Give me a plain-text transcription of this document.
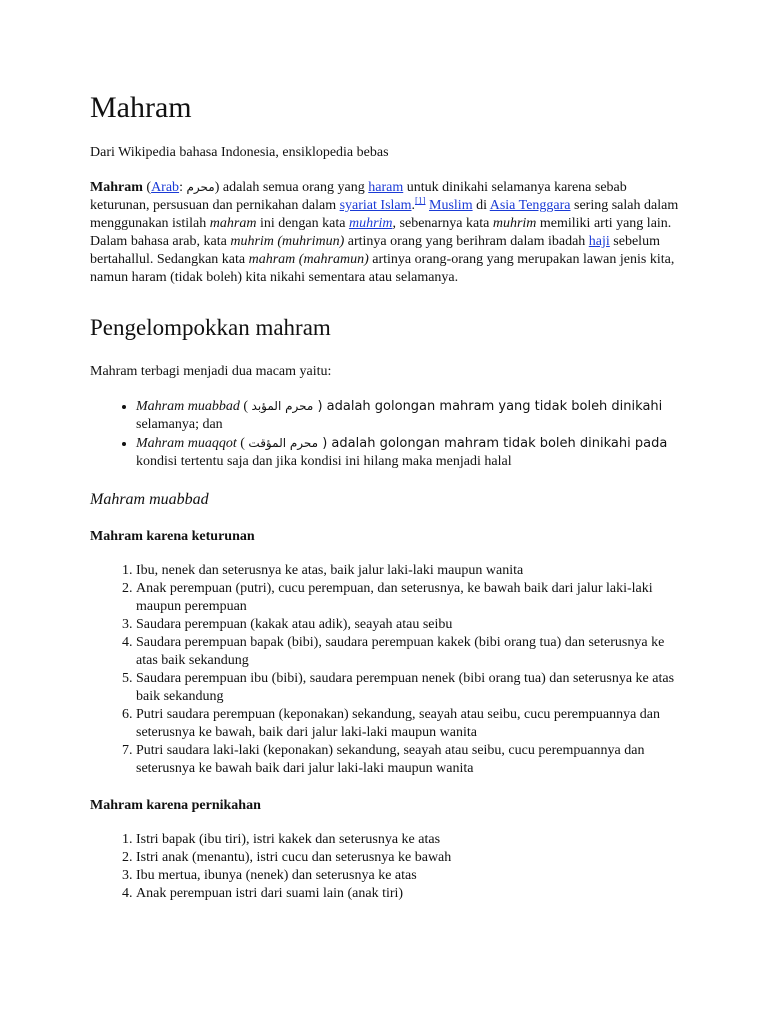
Mahram

Dari Wikipedia bahasa Indonesia, ensiklopedia bebas

Mahram (Arab: محرم) adalah semua orang yang haram untuk dinikahi selamanya karena sebab keturunan, persusuan dan pernikahan dalam syariat Islam.[1] Muslim di Asia Tenggara sering salah dalam menggunakan istilah mahram ini dengan kata muhrim, sebenarnya kata muhrim memiliki arti yang lain. Dalam bahasa arab, kata muhrim (muhrimun) artinya orang yang berihram dalam ibadah haji sebelum bertahallul. Sedangkan kata mahram (mahramun) artinya orang-orang yang merupakan lawan jenis kita, namun haram (tidak boleh) kita nikahi sementara atau selamanya.

Pengelompokkan mahram

Mahram terbagi menjadi dua macam yaitu:

• Mahram muabbad ( محرم المؤبد ) adalah golongan mahram yang tidak boleh dinikahi selamanya; dan
• Mahram muaqqot ( محرم المؤقت ) adalah golongan mahram tidak boleh dinikahi pada kondisi tertentu saja dan jika kondisi ini hilang maka menjadi halal
Mahram muabbad
Mahram karena keturunan
1. Ibu, nenek dan seterusnya ke atas, baik jalur laki-laki maupun wanita
2. Anak perempuan (putri), cucu perempuan, dan seterusnya, ke bawah baik dari jalur laki-laki maupun perempuan
3. Saudara perempuan (kakak atau adik), seayah atau seibu
4. Saudara perempuan bapak (bibi), saudara perempuan kakek (bibi orang tua) dan seterusnya ke atas baik sekandung
5. Saudara perempuan ibu (bibi), saudara perempuan nenek (bibi orang tua) dan seterusnya ke atas baik sekandung
6. Putri saudara perempuan (keponakan) sekandung, seayah atau seibu, cucu perempuannya dan seterusnya ke bawah, baik dari jalur laki-laki maupun wanita
7. Putri saudara laki-laki (keponakan) sekandung, seayah atau seibu, cucu perempuannya dan seterusnya ke bawah baik dari jalur laki-laki maupun wanita
Mahram karena pernikahan
1. Istri bapak (ibu tiri), istri kakek dan seterusnya ke atas
2. Istri anak (menantu), istri cucu dan seterusnya ke bawah
3. Ibu mertua, ibunya (nenek) dan seterusnya ke atas
4. Anak perempuan istri dari suami lain (anak tiri)
